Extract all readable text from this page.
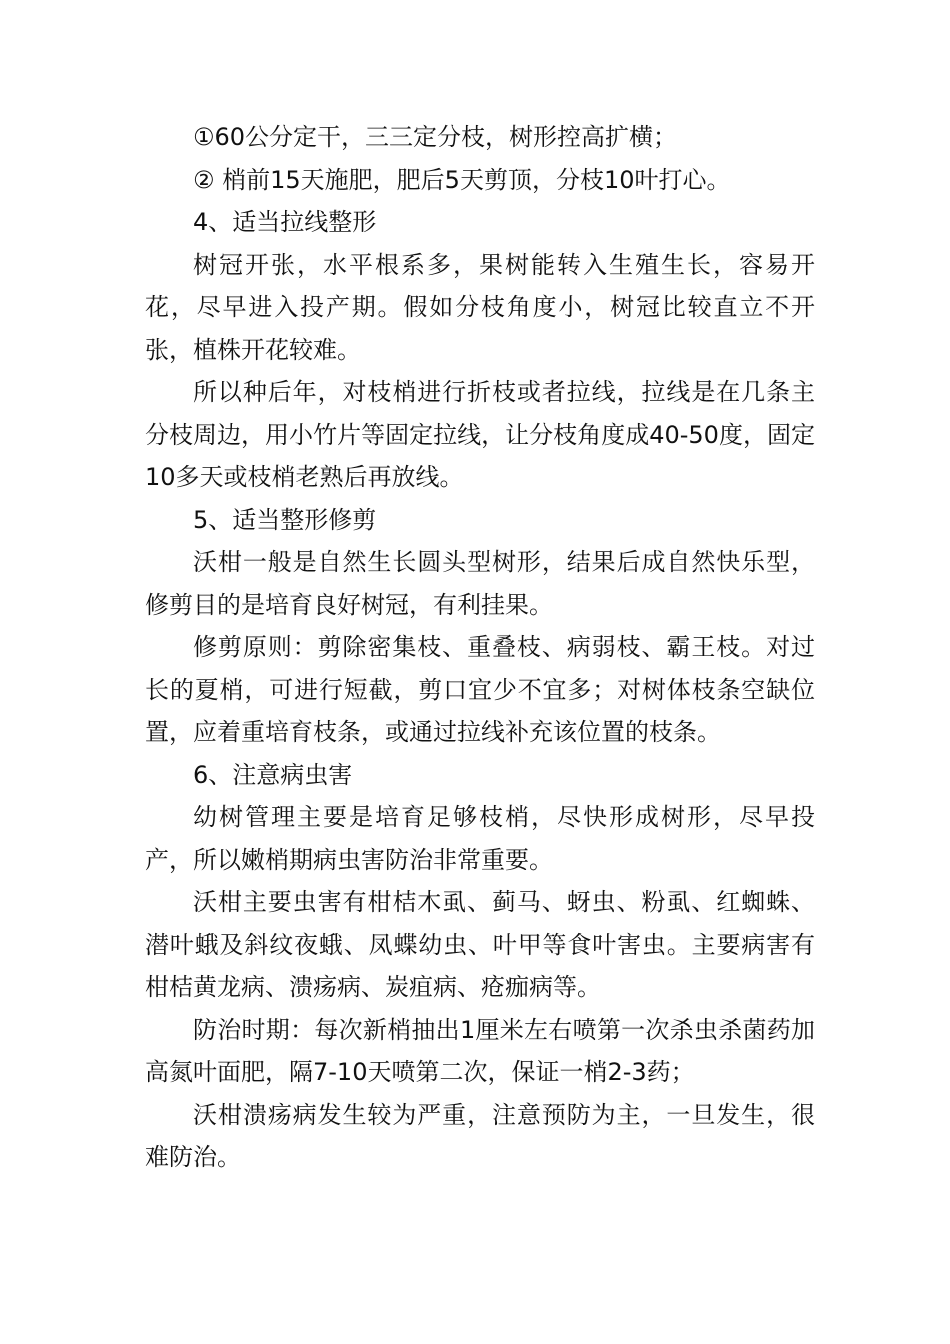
①60公分定干，三三定分枝，树形控高扩横；

② 梢前15天施肥，肥后5天剪顶，分枝10叶打心。

4、适当拉线整形

树冠开张，水平根系多，果树能转入生殖生长，容易开花，尽早进入投产期。假如分枝角度小，树冠比较直立不开张，植株开花较难。

所以种后年，对枝梢进行折枝或者拉线，拉线是在几条主分枝周边，用小竹片等固定拉线，让分枝角度成40-50度，固定10多天或枝梢老熟后再放线。

5、适当整形修剪

沃柑一般是自然生长圆头型树形，结果后成自然快乐型，修剪目的是培育良好树冠，有利挂果。

修剪原则：剪除密集枝、重叠枝、病弱枝、霸王枝。对过长的夏梢，可进行短截，剪口宜少不宜多；对树体枝条空缺位置，应着重培育枝条，或通过拉线补充该位置的枝条。

6、注意病虫害

幼树管理主要是培育足够枝梢，尽快形成树形，尽早投产，所以嫩梢期病虫害防治非常重要。

沃柑主要虫害有柑桔木虱、蓟马、蚜虫、粉虱、红蜘蛛、潜叶蛾及斜纹夜蛾、凤蝶幼虫、叶甲等食叶害虫。主要病害有柑桔黄龙病、溃疡病、炭疽病、疮痂病等。

防治时期：每次新梢抽出1厘米左右喷第一次杀虫杀菌药加高氮叶面肥，隔7-10天喷第二次，保证一梢2-3药；

沃柑溃疡病发生较为严重，注意预防为主，一旦发生，很难防治。
